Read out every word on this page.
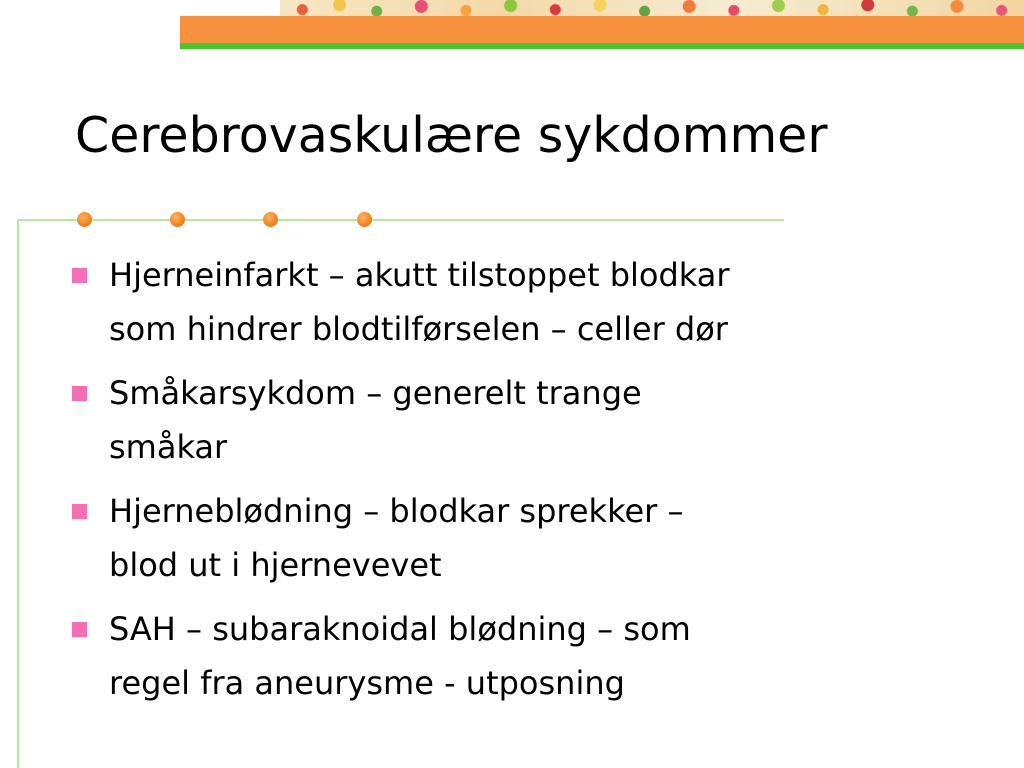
Cerebrovaskulære sykdommer
Hjerneinfarkt – akutt tilstoppet blodkar
som hindrer blodtilførselen – celler dør
Småkarsykdom – generelt trange
småkar
Hjerneblødning – blodkar sprekker –
blod ut i hjernevevet
SAH – subaraknoidal blødning – som
regel fra aneurysme - utposning
